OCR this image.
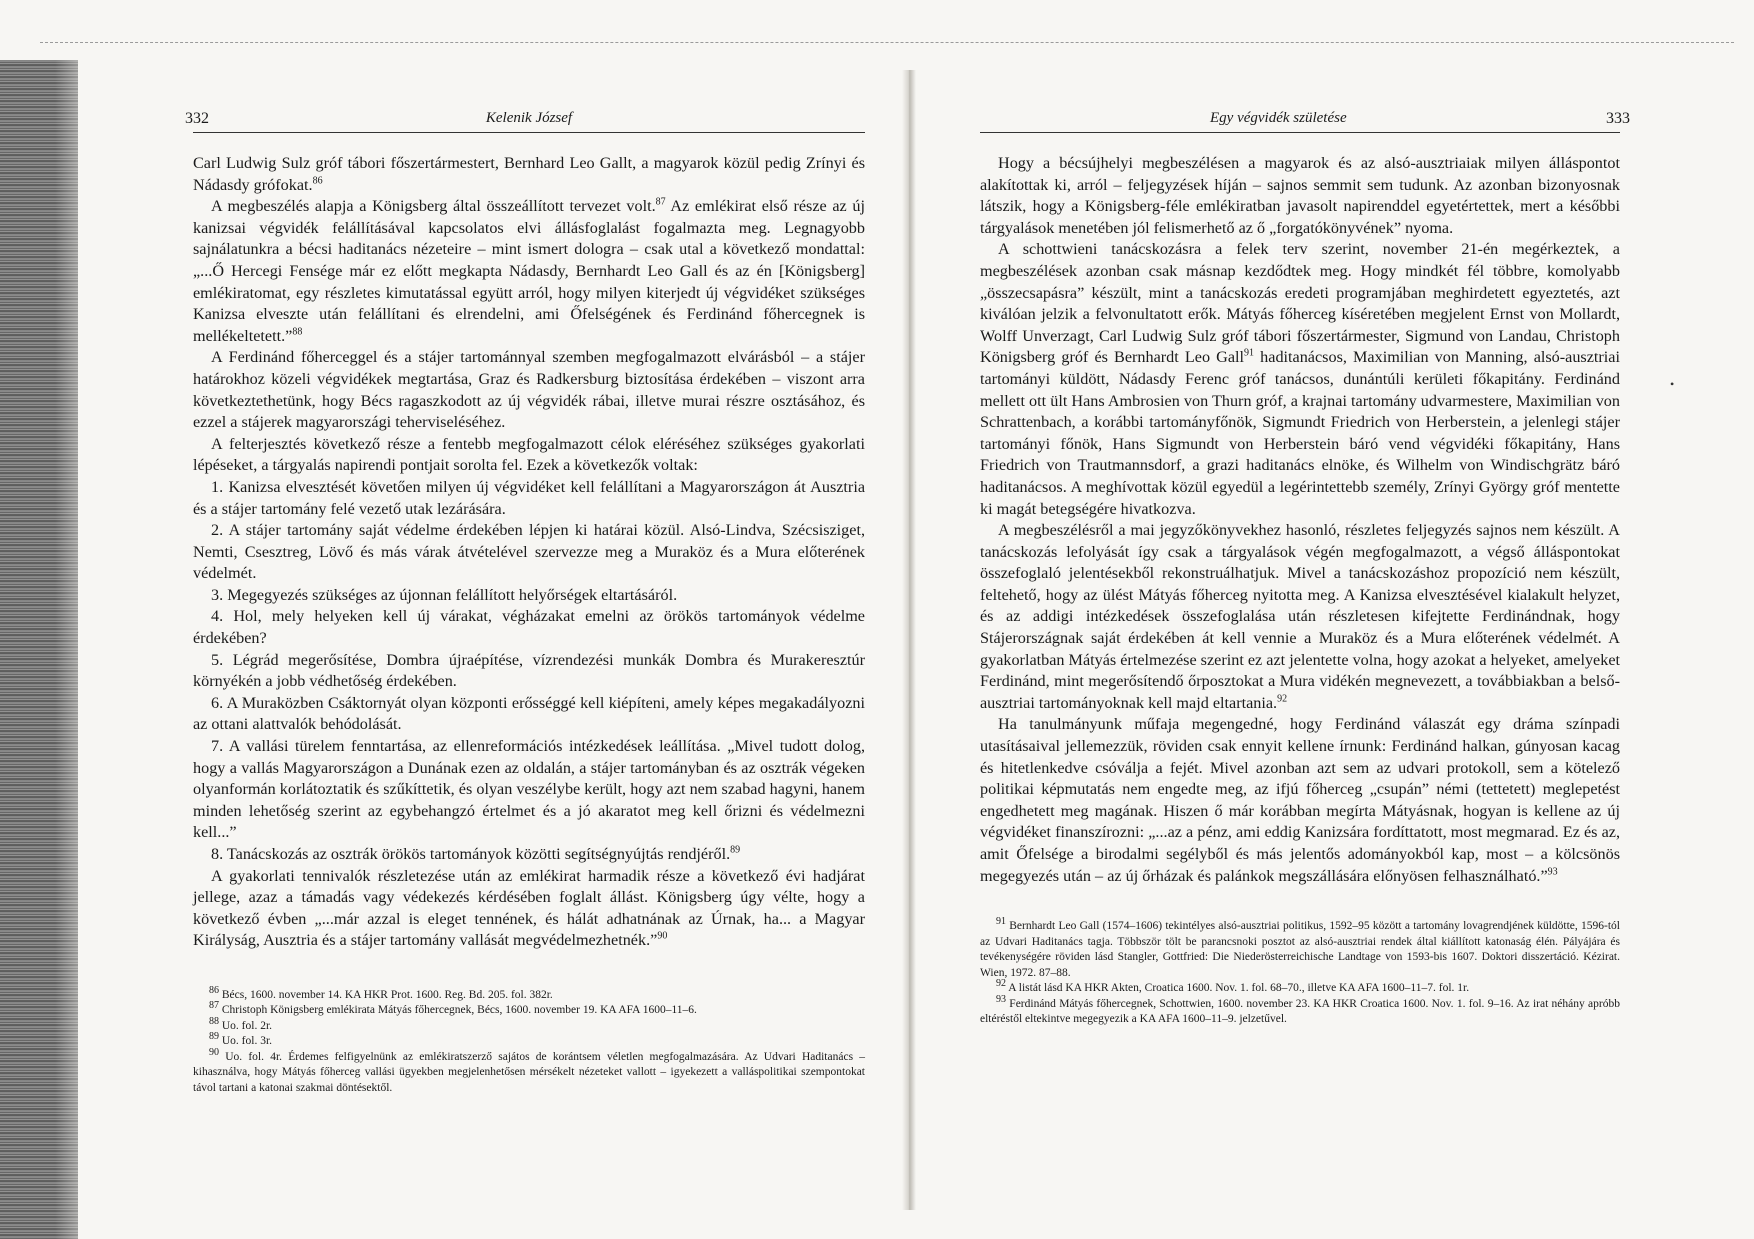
332	Kelenik József

Carl Ludwig Sulz gróf tábori főszertármestert, Bernhard Leo Gallt, a magyarok közül pedig Zrínyi és Nádasdy grófokat.$^{86}$

A megbeszélés alapja a Königsberg által összeállított tervezet volt.$^{87}$ Az emlékirat első része az új kanizsai végvidék felállításával kapcsolatos elvi állásfoglalást fogalmazta meg. Legnagyobb sajnálatunkra a bécsi haditanács nézeteire – mint ismert dologra – csak utal a következő mondattal: „...Ő Hercegi Fensége már ez előtt megkapta Nádasdy, Bernhardt Leo Gall és az én [Königsberg] emlékiratomat, egy részletes kimutatással együtt arról, hogy milyen kiterjedt új végvidéket szükséges Kanizsa elveszte után felállítani és elrendelni, ami Őfelségének és Ferdinánd főhercegnek is mellékeltetett.”$^{88}$

A Ferdinánd főherceggel és a stájer tartománnyal szemben megfogalmazott elvárásból – a stájer határokhoz közeli végvidékek megtartása, Graz és Radkersburg biztosítása érdekében – viszont arra következtethetünk, hogy Bécs ragaszkodott az új végvidék rábai, illetve murai részre osztásához, és ezzel a stájerek magyarországi teherviseléséhez.

A felterjesztés következő része a fentebb megfogalmazott célok eléréséhez szükséges gyakorlati lépéseket, a tárgyalás napirendi pontjait sorolta fel. Ezek a következők voltak:

1. Kanizsa elvesztését követően milyen új végvidéket kell felállítani a Magyarországon át Ausztria és a stájer tartomány felé vezető utak lezárására.

2. A stájer tartomány saját védelme érdekében lépjen ki határai közül. Alsó-Lindva, Szécsisziget, Nemti, Csesztreg, Lövő és más várak átvételével szervezze meg a Muraköz és a Mura előterének védelmét.

3. Megegyezés szükséges az újonnan felállított helyőrségek eltartásáról.

4. Hol, mely helyeken kell új várakat, végházakat emelni az örökös tartományok védelme érdekében?

5. Légrád megerősítése, Dombra újraépítése, vízrendezési munkák Dombra és Murakeresztúr környékén a jobb védhetőség érdekében.

6. A Muraközben Csáktornyát olyan központi erősséggé kell kiépíteni, amely képes megakadályozni az ottani alattvalók behódolását.

7. A vallási türelem fenntartása, az ellenreformációs intézkedések leállítása. „Mivel tudott dolog, hogy a vallás Magyarországon a Dunának ezen az oldalán, a stájer tartományban és az osztrák végeken olyanformán korlátoztatik és szűkíttetik, és olyan veszélybe került, hogy azt nem szabad hagyni, hanem minden lehetőség szerint az egybehangzó értelmet és a jó akaratot meg kell őrizni és védelmezni kell...”

8. Tanácskozás az osztrák örökös tartományok közötti segítségnyújtás rendjéről.$^{89}$

A gyakorlati tennivalók részletezése után az emlékirat harmadik része a következő évi hadjárat jellege, azaz a támadás vagy védekezés kérdésében foglalt állást. Königsberg úgy vélte, hogy a következő évben „...már azzal is eleget tennének, és hálát adhatnának az Úrnak, ha... a Magyar Királyság, Ausztria és a stájer tartomány vallását megvédelmezhetnék.”$^{90}$

86 Bécs, 1600. november 14. KA HKR Prot. 1600. Reg. Bd. 205. fol. 382r.

87 Christoph Königsberg emlékirata Mátyás főhercegnek, Bécs, 1600. november 19. KA AFA 1600–11–6.

88 Uo. fol. 2r.

89 Uo. fol. 3r.

90 Uo. fol. 4r. Érdemes felfigyelnünk az emlékiratszerző sajátos de korántsem véletlen megfogalmazására. Az Udvari Haditanács – kihasználva, hogy Mátyás főherceg vallási ügyekben megjelenhetősen mérsékelt nézeteket vallott – igyekezett a valláspolitikai szempontokat távol tartani a katonai szakmai döntésektől.

Egy végvidék születése	333

Hogy a bécsújhelyi megbeszélésen a magyarok és az alsó-ausztriaiak milyen álláspontot alakítottak ki, arról – feljegyzések híján – sajnos semmit sem tudunk. Az azonban bizonyosnak látszik, hogy a Königsberg-féle emlékiratban javasolt napirenddel egyetértettek, mert a későbbi tárgyalások menetében jól felismerhető az ő „forgatókönyvének” nyoma.

A schottwieni tanácskozásra a felek terv szerint, november 21-én megérkeztek, a megbeszélések azonban csak másnap kezdődtek meg. Hogy mindkét fél többre, komolyabb „összecsapásra” készült, mint a tanácskozás eredeti programjában meghirdetett egyeztetés, azt kiválóan jelzik a felvonultatott erők. Mátyás főherceg kíséretében megjelent Ernst von Mollardt, Wolff Unverzagt, Carl Ludwig Sulz gróf tábori főszertármester, Sigmund von Landau, Christoph Königsberg gróf és Bernhardt Leo Gall$^{91}$ haditanácsos, Maximilian von Manning, alsó-ausztriai tartományi küldött, Nádasdy Ferenc gróf tanácsos, dunántúli kerületi főkapitány. Ferdinánd mellett ott ült Hans Ambrosien von Thurn gróf, a krajnai tartomány udvarmestere, Maximilian von Schrattenbach, a korábbi tartományfőnök, Sigmundt Friedrich von Herberstein, a jelenlegi stájer tartományi főnök, Hans Sigmundt von Herberstein báró vend végvidéki főkapitány, Hans Friedrich von Trautmannsdorf, a grazi haditanács elnöke, és Wilhelm von Windischgrätz báró haditanácsos. A meghívottak közül egyedül a legérintettebb személy, Zrínyi György gróf mentette ki magát betegségére hivatkozva.

A megbeszélésről a mai jegyzőkönyvekhez hasonló, részletes feljegyzés sajnos nem készült. A tanácskozás lefolyását így csak a tárgyalások végén megfogalmazott, a végső álláspontokat összefoglaló jelentésekből rekonstruálhatjuk. Mivel a tanácskozáshoz propozíció nem készült, feltehető, hogy az ülést Mátyás főherceg nyitotta meg. A Kanizsa elvesztésével kialakult helyzet, és az addigi intézkedések összefoglalása után részletesen kifejtette Ferdinándnak, hogy Stájerországnak saját érdekében át kell vennie a Muraköz és a Mura előterének védelmét. A gyakorlatban Mátyás értelmezése szerint ez azt jelentette volna, hogy azokat a helyeket, amelyeket Ferdinánd, mint megerősítendő őrposztokat a Mura vidékén megnevezett, a továbbiakban a belső-ausztriai tartományoknak kell majd eltartania.$^{92}$

Ha tanulmányunk műfaja megengedné, hogy Ferdinánd válaszát egy dráma színpadi utasításaival jellemezzük, röviden csak ennyit kellene írnunk: Ferdinánd halkan, gúnyosan kacag és hitetlenkedve csóválja a fejét. Mivel azonban azt sem az udvari protokoll, sem a kötelező politikai képmutatás nem engedte meg, az ifjú főherceg „csupán” némi (tettetett) meglepetést engedhetett meg magának. Hiszen ő már korábban megírta Mátyásnak, hogyan is kellene az új végvidéket finanszírozni: „...az a pénz, ami eddig Kanizsára fordíttatott, most megmarad. Ez és az, amit Őfelsége a birodalmi segélyből és más jelentős adományokból kap, most – a kölcsönös megegyezés után – az új őrházak és palánkok megszállására előnyösen felhasználható.”$^{93}$

91 Bernhardt Leo Gall (1574–1606) tekintélyes alsó-ausztriai politikus, 1592–95 között a tartomány lovagrendjének küldötte, 1596-tól az Udvari Haditanács tagja. Többször tölt be parancsnoki posztot az alsó-ausztriai rendek által kiállított katonaság élén. Pályájára és tevékenységére röviden lásd Stangler, Gottfried: Die Niederösterreichische Landtage von 1593-bis 1607. Doktori disszertáció. Kézirat. Wien, 1972. 87–88.

92 A listát lásd KA HKR Akten, Croatica 1600. Nov. 1. fol. 68–70., illetve KA AFA 1600–11–7. fol. 1r.

93 Ferdinánd Mátyás főhercegnek, Schottwien, 1600. november 23. KA HKR Croatica 1600. Nov. 1. fol. 9–16. Az irat néhány apróbb eltéréstől eltekintve megegyezik a KA AFA 1600–11–9. jelzetűvel.

•
